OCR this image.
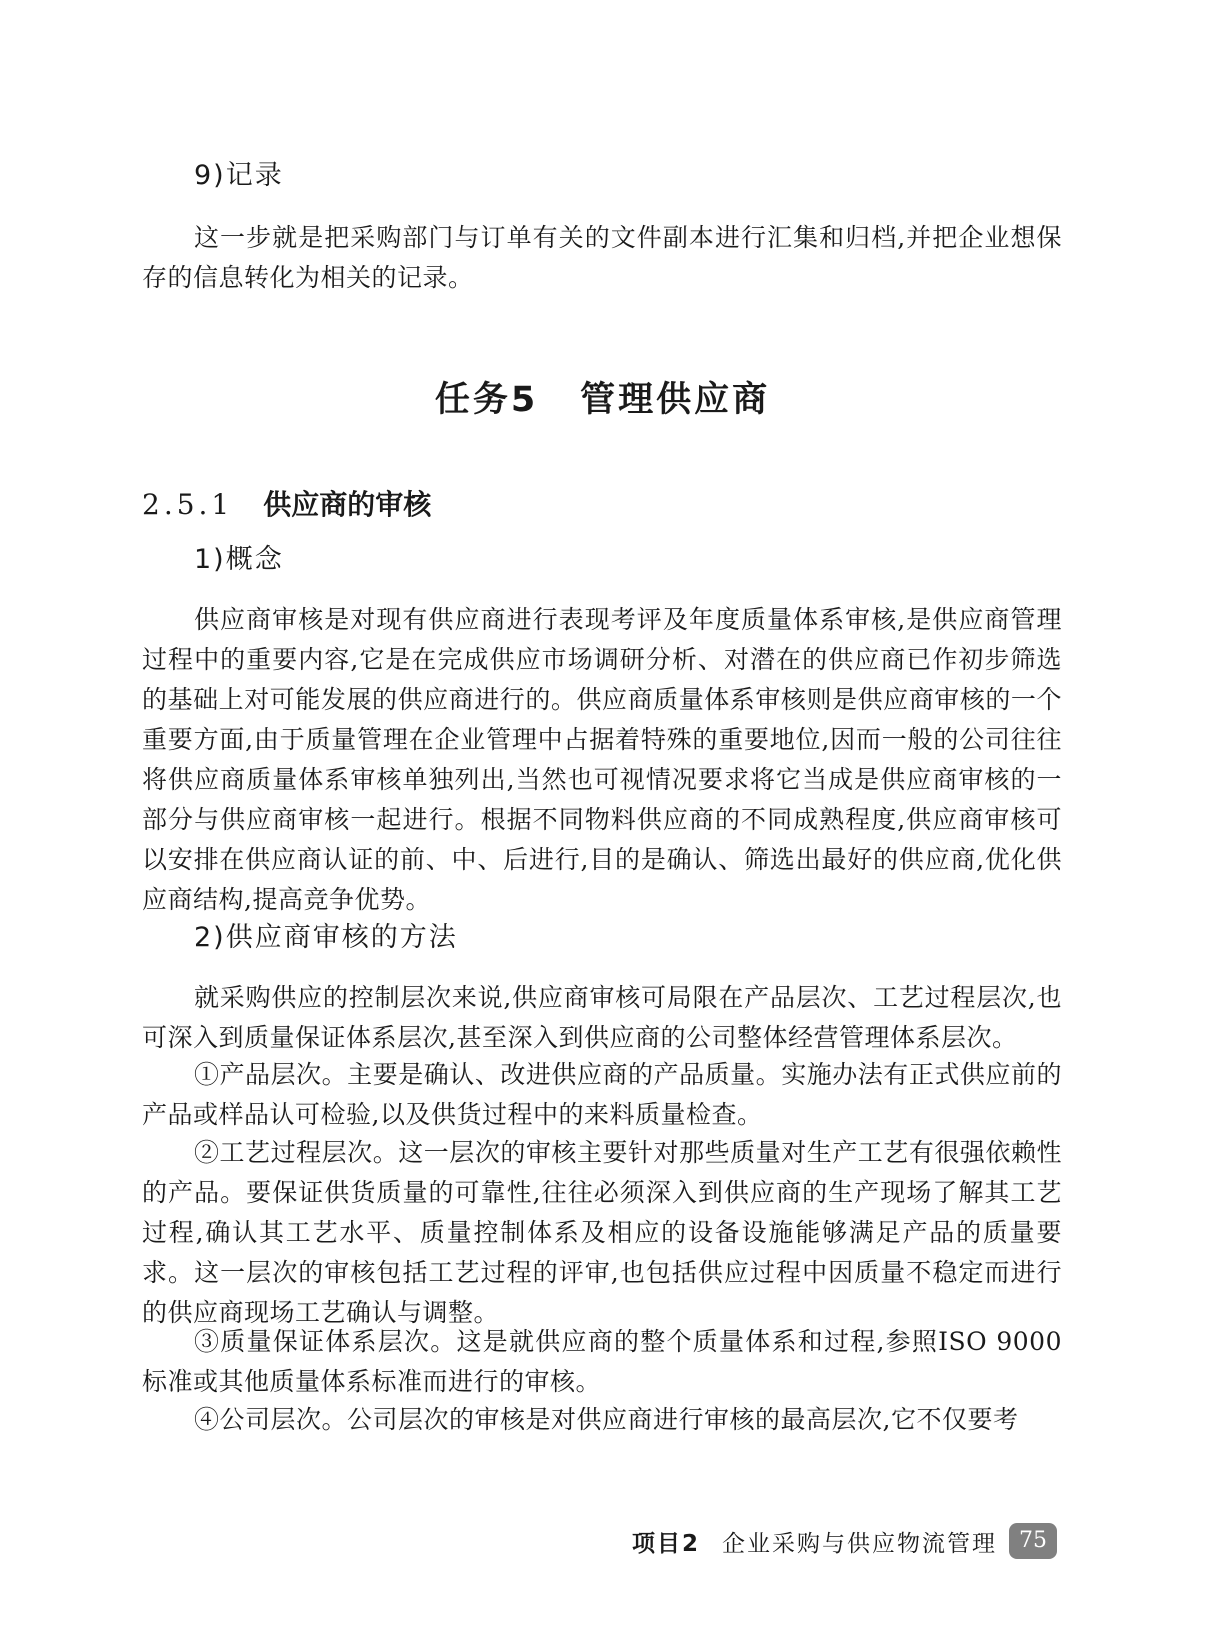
9)记录
这一步就是把采购部门与订单有关的文件副本进行汇集和归档,并把企业想保存的信息转化为相关的记录。
任务5 管理供应商
2.5.1 供应商的审核
1)概念
供应商审核是对现有供应商进行表现考评及年度质量体系审核,是供应商管理过程中的重要内容,它是在完成供应市场调研分析、对潜在的供应商已作初步筛选的基础上对可能发展的供应商进行的。供应商质量体系审核则是供应商审核的一个重要方面,由于质量管理在企业管理中占据着特殊的重要地位,因而一般的公司往往将供应商质量体系审核单独列出,当然也可视情况要求将它当成是供应商审核的一部分与供应商审核一起进行。根据不同物料供应商的不同成熟程度,供应商审核可以安排在供应商认证的前、中、后进行,目的是确认、筛选出最好的供应商,优化供应商结构,提高竞争优势。
2)供应商审核的方法
就采购供应的控制层次来说,供应商审核可局限在产品层次、工艺过程层次,也可深入到质量保证体系层次,甚至深入到供应商的公司整体经营管理体系层次。
①产品层次。主要是确认、改进供应商的产品质量。实施办法有正式供应前的产品或样品认可检验,以及供货过程中的来料质量检查。
②工艺过程层次。这一层次的审核主要针对那些质量对生产工艺有很强依赖性的产品。要保证供货质量的可靠性,往往必须深入到供应商的生产现场了解其工艺过程,确认其工艺水平、质量控制体系及相应的设备设施能够满足产品的质量要求。这一层次的审核包括工艺过程的评审,也包括供应过程中因质量不稳定而进行的供应商现场工艺确认与调整。
③质量保证体系层次。这是就供应商的整个质量体系和过程,参照ISO 9000标准或其他质量体系标准而进行的审核。
④公司层次。公司层次的审核是对供应商进行审核的最高层次,它不仅要考
项目2 企业采购与供应物流管理	75
